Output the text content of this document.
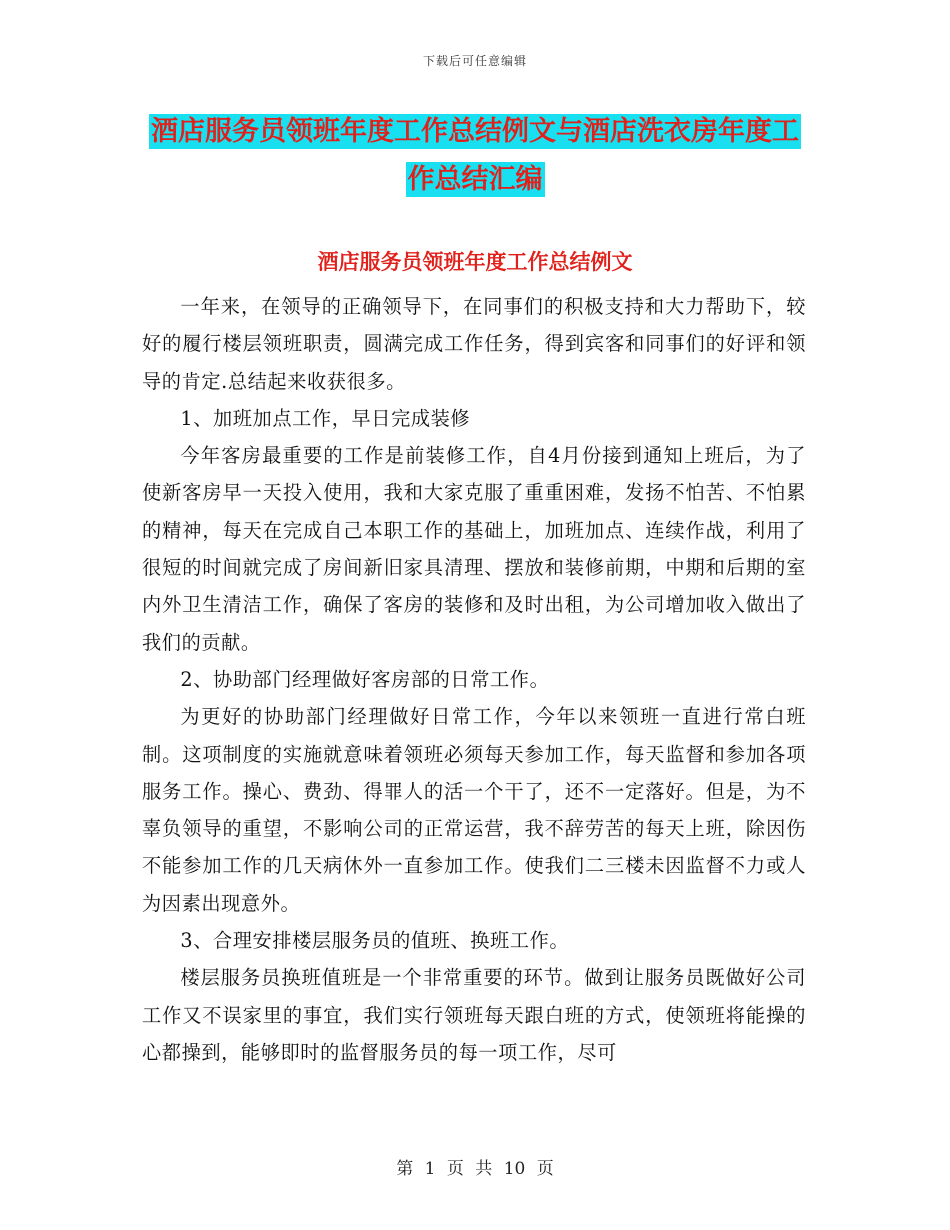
下载后可任意编辑
酒店服务员领班年度工作总结例文与酒店洗衣房年度工作总结汇编
酒店服务员领班年度工作总结例文

一年来，在领导的正确领导下，在同事们的积极支持和大力帮助下，较好的履行楼层领班职责，圆满完成工作任务，得到宾客和同事们的好评和领导的肯定.总结起来收获很多。

1、加班加点工作，早日完成装修

今年客房最重要的工作是前装修工作，自4月份接到通知上班后，为了使新客房早一天投入使用，我和大家克服了重重困难，发扬不怕苦、不怕累的精神，每天在完成自己本职工作的基础上，加班加点、连续作战，利用了很短的时间就完成了房间新旧家具清理、摆放和装修前期，中期和后期的室内外卫生清洁工作，确保了客房的装修和及时出租，为公司增加收入做出了我们的贡献。

2、协助部门经理做好客房部的日常工作。

为更好的协助部门经理做好日常工作，今年以来领班一直进行常白班制。这项制度的实施就意味着领班必须每天参加工作，每天监督和参加各项服务工作。操心、费劲、得罪人的活一个干了，还不一定落好。但是，为不辜负领导的重望，不影响公司的正常运营，我不辞劳苦的每天上班，除因伤不能参加工作的几天病休外一直参加工作。使我们二三楼未因监督不力或人为因素出现意外。

3、合理安排楼层服务员的值班、换班工作。

楼层服务员换班值班是一个非常重要的环节。做到让服务员既做好公司工作又不误家里的事宜，我们实行领班每天跟白班的方式，使领班将能操的心都操到，能够即时的监督服务员的每一项工作，尽可

第 1 页 共 10 页
